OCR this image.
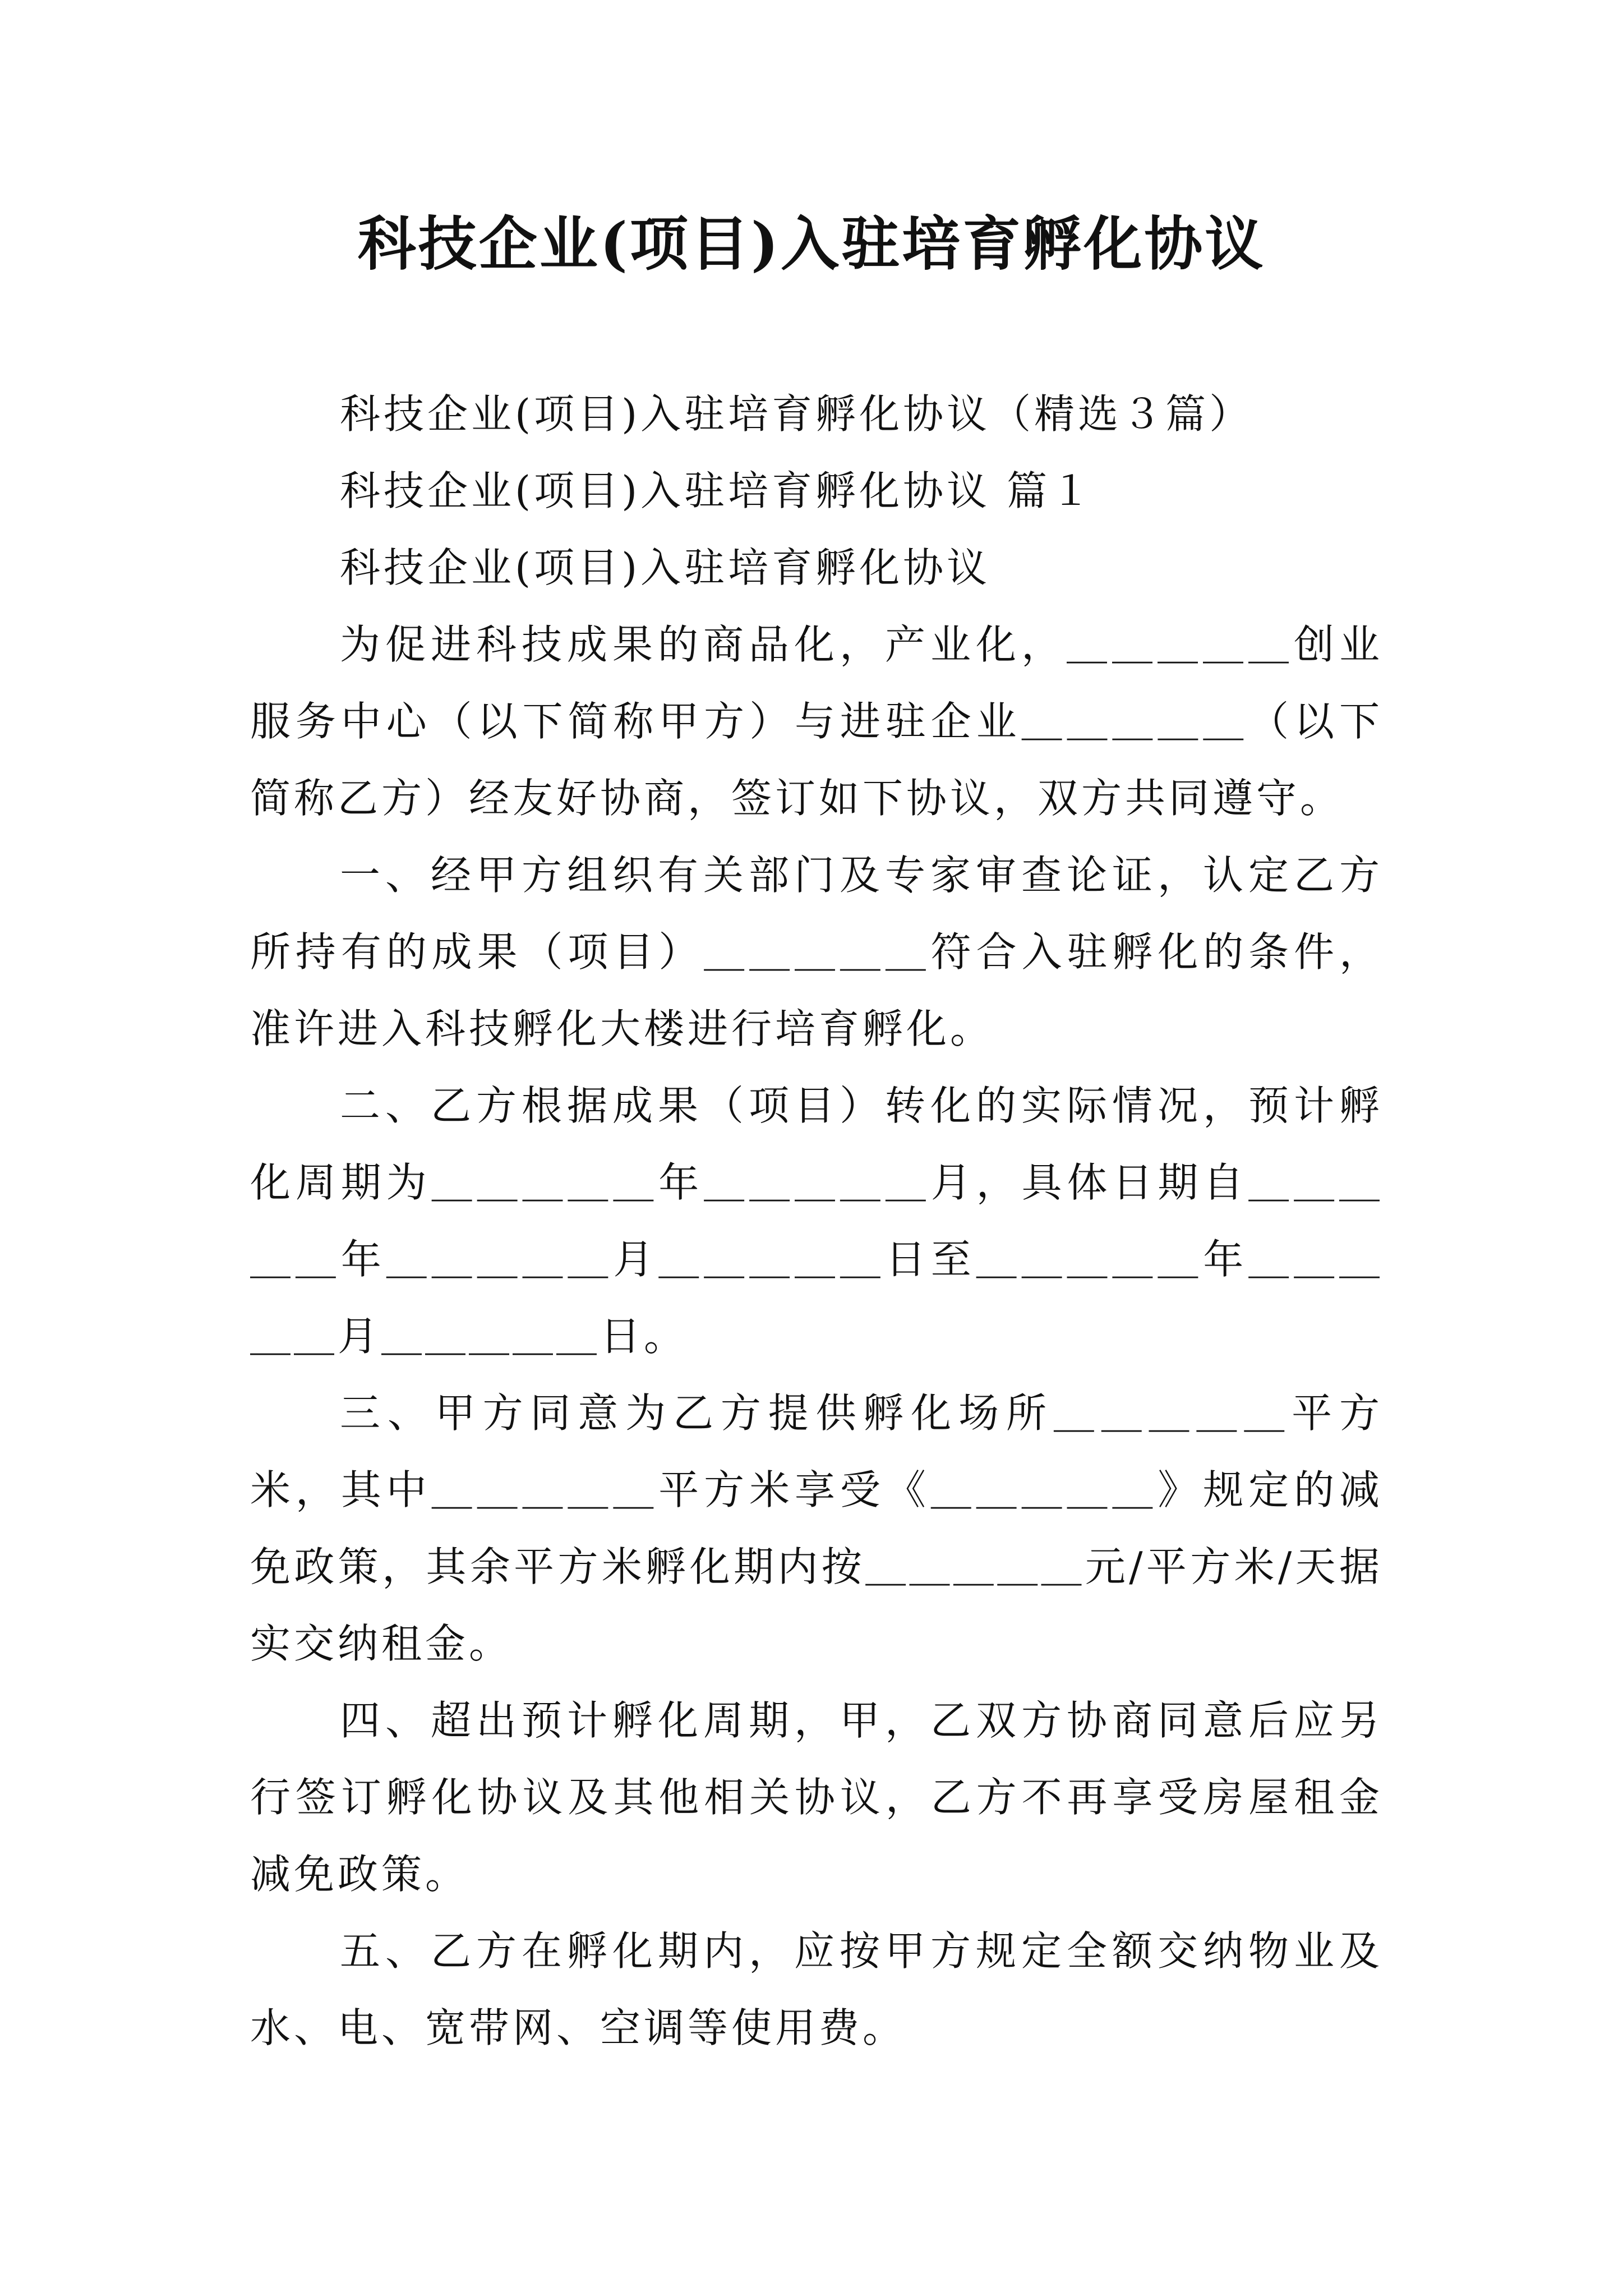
科技企业(项目)入驻培育孵化协议

科技企业(项目)入驻培育孵化协议（精选３篇）

科技企业(项目)入驻培育孵化协议 篇１

科技企业(项目)入驻培育孵化协议

为促进科技成果的商品化，产业化，＿＿＿＿＿创业服务中心（以下简称甲方）与进驻企业＿＿＿＿＿（以下简称乙方）经友好协商，签订如下协议，双方共同遵守。

一、经甲方组织有关部门及专家审查论证，认定乙方所持有的成果（项目）＿＿＿＿＿符合入驻孵化的条件，准许进入科技孵化大楼进行培育孵化。

二、乙方根据成果（项目）转化的实际情况，预计孵化周期为＿＿＿＿＿年＿＿＿＿＿月，具体日期自＿＿＿＿＿年＿＿＿＿＿月＿＿＿＿＿日至＿＿＿＿＿年＿＿＿＿＿月＿＿＿＿＿日。

三、甲方同意为乙方提供孵化场所＿＿＿＿＿平方米，其中＿＿＿＿＿平方米享受《＿＿＿＿＿》规定的减免政策，其余平方米孵化期内按＿＿＿＿＿元/平方米/天据实交纳租金。

四、超出预计孵化周期，甲，乙双方协商同意后应另行签订孵化协议及其他相关协议，乙方不再享受房屋租金减免政策。

五、乙方在孵化期内，应按甲方规定全额交纳物业及水、电、宽带网、空调等使用费。
